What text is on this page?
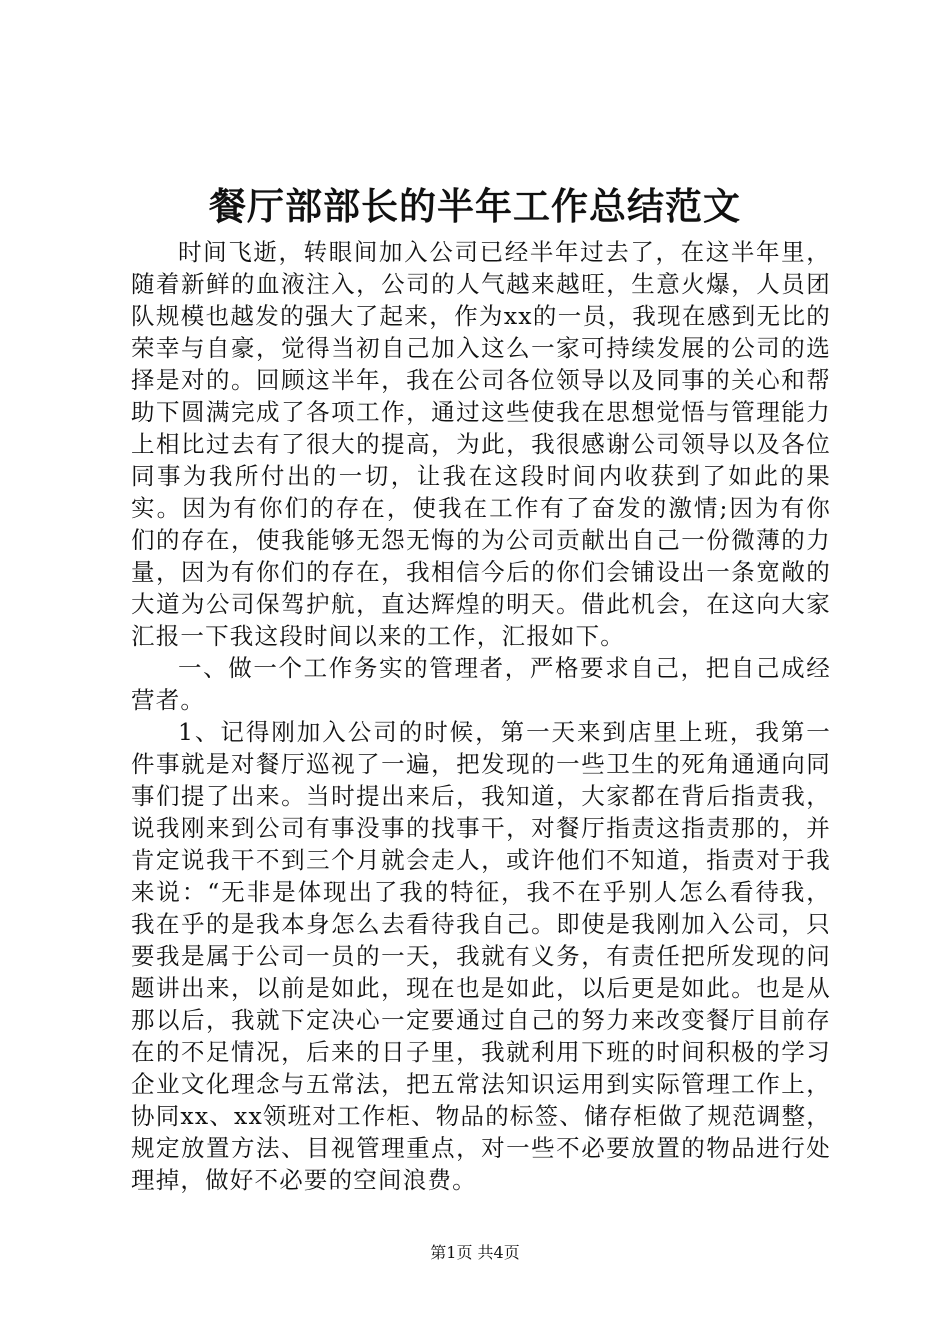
餐厅部部长的半年工作总结范文

时间飞逝，转眼间加入公司已经半年过去了，在这半年里，随着新鲜的血液注入，公司的人气越来越旺，生意火爆，人员团队规模也越发的强大了起来，作为xx的一员，我现在感到无比的荣幸与自豪，觉得当初自己加入这么一家可持续发展的公司的选择是对的。回顾这半年，我在公司各位领导以及同事的关心和帮助下圆满完成了各项工作，通过这些使我在思想觉悟与管理能力上相比过去有了很大的提高，为此，我很感谢公司领导以及各位同事为我所付出的一切，让我在这段时间内收获到了如此的果实。因为有你们的存在，使我在工作有了奋发的激情;因为有你们的存在，使我能够无怨无悔的为公司贡献出自己一份微薄的力量，因为有你们的存在，我相信今后的你们会铺设出一条宽敞的大道为公司保驾护航，直达辉煌的明天。借此机会，在这向大家汇报一下我这段时间以来的工作，汇报如下。

一、做一个工作务实的管理者，严格要求自己，把自己成经营者。

1、记得刚加入公司的时候，第一天来到店里上班，我第一件事就是对餐厅巡视了一遍，把发现的一些卫生的死角通通向同事们提了出来。当时提出来后，我知道，大家都在背后指责我，说我刚来到公司有事没事的找事干，对餐厅指责这指责那的，并肯定说我干不到三个月就会走人，或许他们不知道，指责对于我来说：“无非是体现出了我的特征，我不在乎别人怎么看待我，我在乎的是我本身怎么去看待我自己。即使是我刚加入公司，只要我是属于公司一员的一天，我就有义务，有责任把所发现的问题讲出来，以前是如此，现在也是如此，以后更是如此。也是从那以后，我就下定决心一定要通过自己的努力来改变餐厅目前存在的不足情况，后来的日子里，我就利用下班的时间积极的学习企业文化理念与五常法，把五常法知识运用到实际管理工作上，协同xx、xx领班对工作柜、物品的标签、储存柜做了规范调整，规定放置方法、目视管理重点，对一些不必要放置的物品进行处理掉，做好不必要的空间浪费。

第1页 共4页
